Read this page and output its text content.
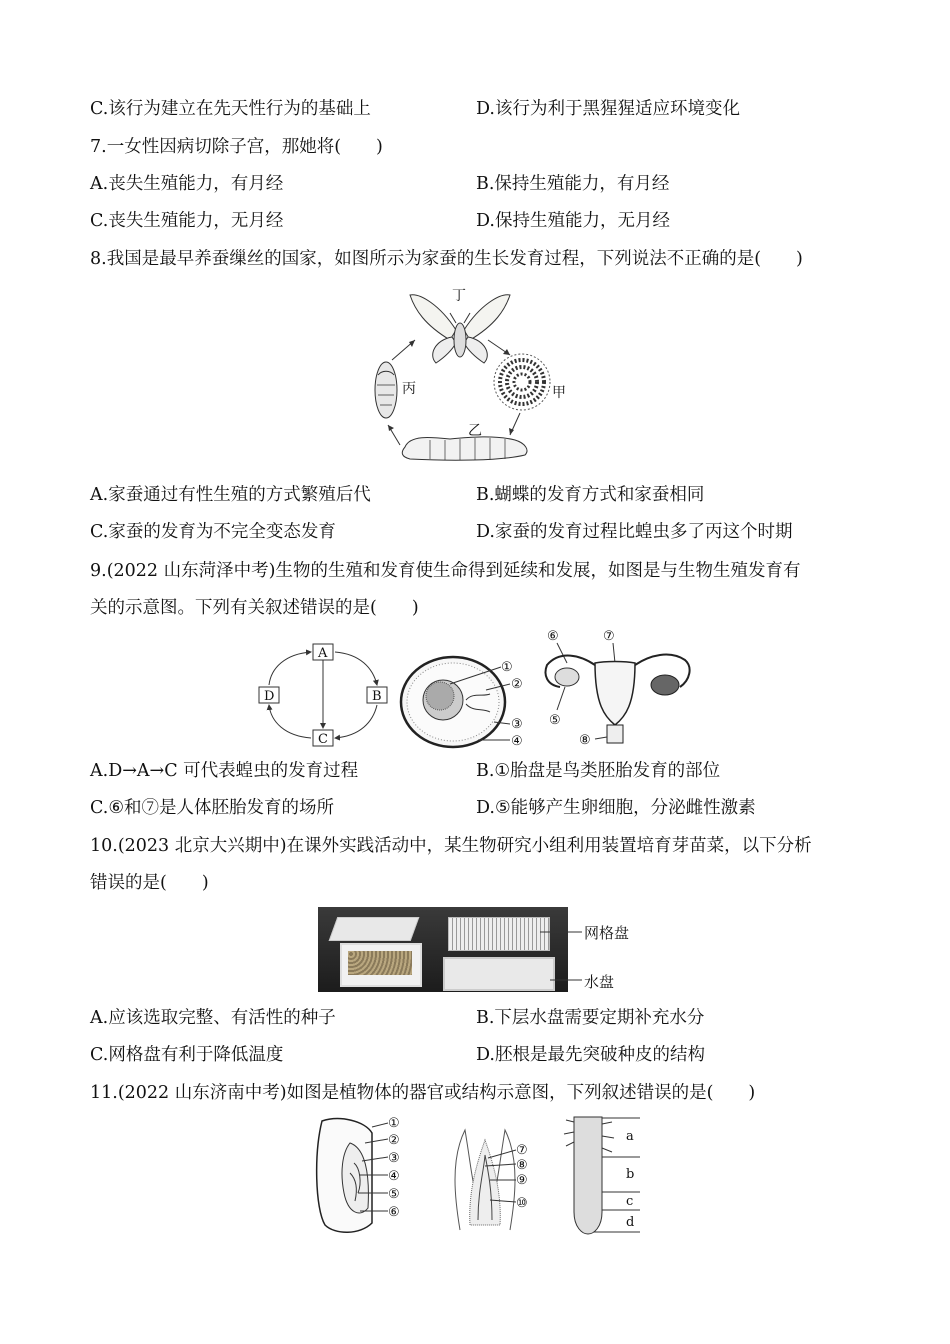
C.该行为建立在先天性行为的基础上	D.该行为利于黑猩猩适应环境变化
7.一女性因病切除子宫，那她将(　　)
A.丧失生殖能力，有月经	B.保持生殖能力，有月经
C.丧失生殖能力，无月经	D.保持生殖能力，无月经
8.我国是最早养蚕缫丝的国家，如图所示为家蚕的生长发育过程，下列说法不正确的是(　　)
丁
甲
乙
丙
A.家蚕通过有性生殖的方式繁殖后代	B.蝴蝶的发育方式和家蚕相同
C.家蚕的发育为不完全变态发育	D.家蚕的发育过程比蝗虫多了丙这个时期
9.(2022 山东菏泽中考)生物的生殖和发育使生命得到延续和发展，如图是与生物生殖发育有
关的示意图。下列有关叙述错误的是(　　)
A
B
C
D
①
②
③
④
⑥	⑦
⑤
⑧
A.D→A→C 可代表蝗虫的发育过程	B.①胎盘是鸟类胚胎发育的部位
C.⑥和⑦是人体胚胎发育的场所	D.⑤能够产生卵细胞，分泌雌性激素
10.(2023 北京大兴期中)在课外实践活动中，某生物研究小组利用装置培育芽苗菜，以下分析
错误的是(　　)
网格盘
水盘
A.应该选取完整、有活性的种子	B.下层水盘需要定期补充水分
C.网格盘有利于降低温度	D.胚根是最先突破种皮的结构
11.(2022 山东济南中考)如图是植物体的器官或结构示意图，下列叙述错误的是(　　)
①
②
③
④
⑤
⑥
⑦
⑧
⑨
⑩
a
b
c
d
